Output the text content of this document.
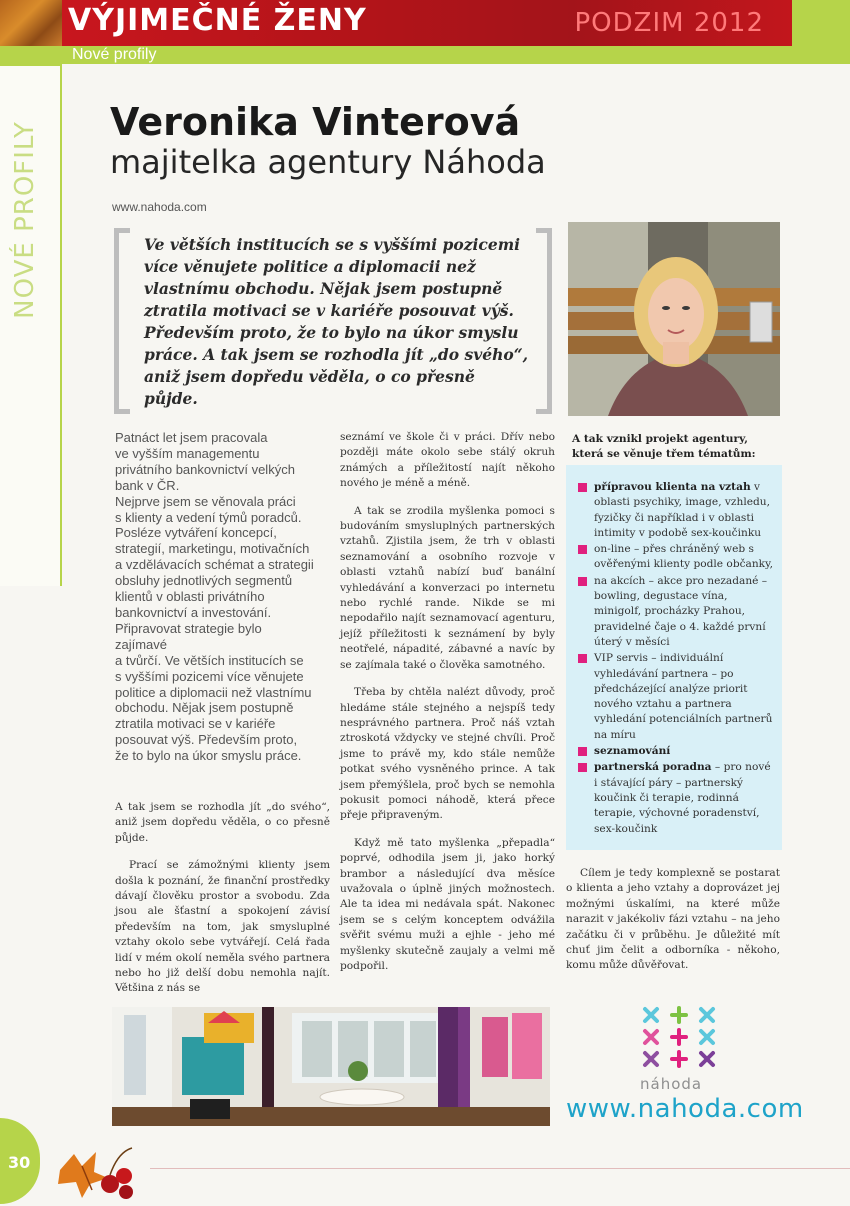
VÝJIMEČNÉ ŽENY	PODZIM 2012
Nové profily
NOVÉ PROFILY Veronika Vinterová
majitelka agentury Náhoda
www.nahoda.com
Ve větších institucích se s vyššími pozicemi více věnujete politice a diplomacii než vlastnímu obchodu. Nějak jsem postupně ztratila motivaci se v kariéře posouvat výš. Především proto, že to bylo na úkor smyslu práce. A tak jsem se rozhodla jít „do svého“, aniž jsem dopředu věděla, o co přesně půjde.
Patnáct let jsem pracovala
ve vyšším managementu
privátního bankovnictví velkých
bank v ČR.
Nejprve jsem se věnovala práci
s klienty a vedení týmů poradců.
Posléze vytváření koncepcí,
strategií, marketingu, motivačních
a vzdělávacích schémat a strategii
obsluhy jednotlivých segmentů
klientů v oblasti privátního
bankovnictví a investování.
Připravovat strategie bylo zajímavé
a tvůrčí. Ve větších institucích se
s vyššími pozicemi více věnujete
politice a diplomacii než vlastnímu
obchodu. Nějak jsem postupně
ztratila motivaci se v kariéře
posouvat výš. Především proto,
že to bylo na úkor smyslu práce.

A tak jsem se rozhodla jít „do svého“, aniž jsem dopředu věděla, o co přesně půjde.

Prací se zámožnými klienty jsem došla k poznání, že finanční prostředky dávají člověku prostor a svobodu. Zda jsou ale šťastní a spokojení závisí především na tom, jak smysluplné vztahy okolo sebe vytvářejí. Celá řada lidí v mém okolí neměla svého partnera nebo ho již delší dobu nemohla najít. Většina z nás se

seznámí ve škole či v práci. Dřív nebo později máte okolo sebe stálý okruh známých a příležitostí najít někoho nového je méně a méně.

A tak se zrodila myšlenka pomoci s budováním smysluplných partnerských vztahů. Zjistila jsem, že trh v oblasti seznamování a osobního rozvoje v oblasti vztahů nabízí buď banální vyhledávání a konverzaci po internetu nebo rychlé rande. Nikde se mi nepodařilo najít seznamovací agenturu, jejíž příležitosti k seznámení by byly neotřelé, nápadité, zábavné a navíc by se zajímala také o člověka samotného.

Třeba by chtěla nalézt důvody, proč hledáme stále stejného a nejspíš tedy nesprávného partnera. Proč náš vztah ztroskotá vždycky ve stejné chvíli. Proč jsme to právě my, kdo stále nemůže potkat svého vysněného prince. A tak jsem přemýšlela, proč bych se nemohla pokusit pomoci náhodě, která přece přeje připraveným.

Když mě tato myšlenka „přepadla“ poprvé, odhodila jsem ji, jako horký brambor a následující dva měsíce uvažovala o úplně jiných možnostech. Ale ta idea mi nedávala spát. Nakonec jsem se s celým konceptem odvážila svěřit svému muži a ejhle - jeho mé myšlenky skutečně zaujaly a velmi mě podpořil.

A tak vznikl projekt agentury, která se věnuje třem tématům:
přípravou klienta na vztah v oblasti psychiky, image, vzhledu, fyzičky či například i v oblasti intimity v podobě sex-koučinku
on-line – přes chráněný web s ověřenými klienty podle občanky,
na akcích – akce pro nezadané – bowling, degustace vína, minigolf, procházky Prahou, pravidelné čaje o 4. každé první úterý v měsíci
VIP servis – individuální vyhledávání partnera – po předcházející analýze priorit nového vztahu a partnera vyhledání potenciálních partnerů na míru
seznamování
partnerská poradna – pro nové i stávající páry – partnerský koučink či terapie, rodinná terapie, výchovné poradenství, sex-koučink

Cílem je tedy komplexně se postarat o klienta a jeho vztahy a doprovázet jej možnými úskalími, na které může narazit v jakékoliv fázi vztahu – na jeho začátku či v průběhu. Je důležité mít chuť jim čelit a odborníka - někoho, komu může důvěřovat.

náhoda
www.nahoda.com
30
